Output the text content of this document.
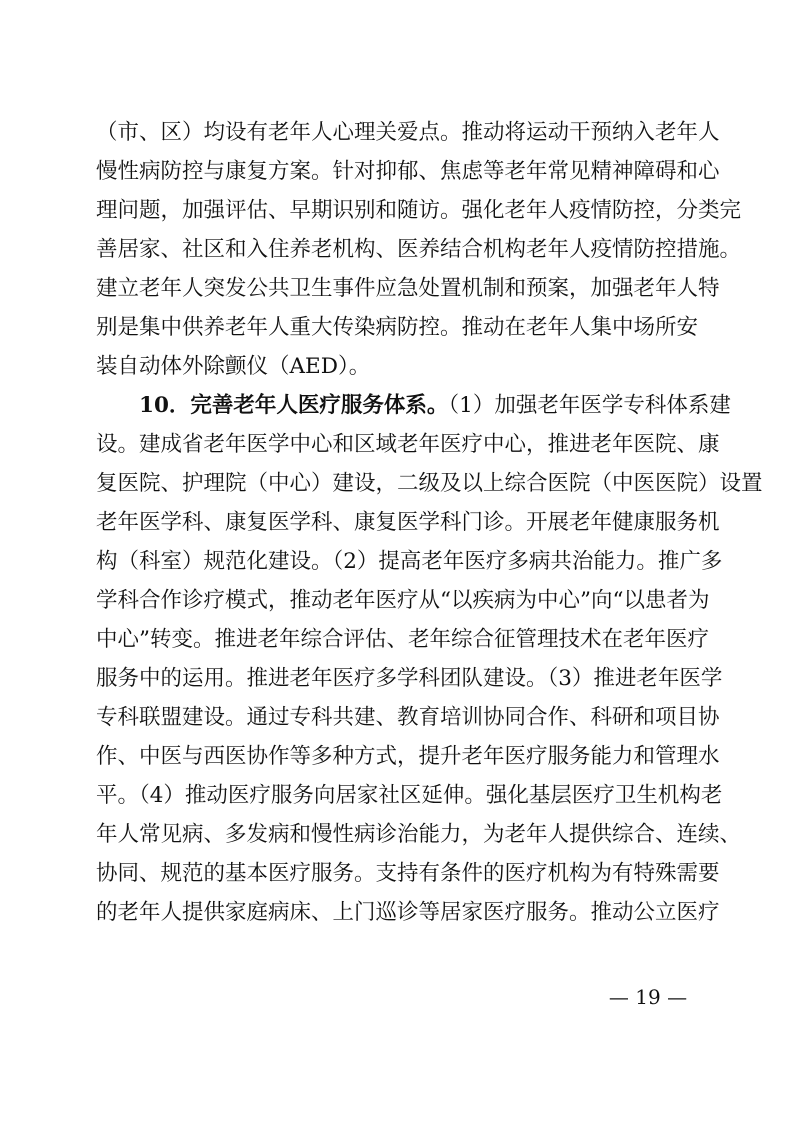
（市、区）均设有老年人心理关爱点。推动将运动干预纳入老年人
慢性病防控与康复方案。针对抑郁、焦虑等老年常见精神障碍和心
理问题，加强评估、早期识别和随访。强化老年人疫情防控，分类完
善居家、社区和入住养老机构、医养结合机构老年人疫情防控措施。
建立老年人突发公共卫生事件应急处置机制和预案，加强老年人特
别是集中供养老年人重大传染病防控。推动在老年人集中场所安
装自动体外除颤仪（AED）。
10．完善老年人医疗服务体系。（1）加强老年医学专科体系建
设。建成省老年医学中心和区域老年医疗中心，推进老年医院、康
复医院、护理院（中心）建设，二级及以上综合医院（中医医院）设置
老年医学科、康复医学科、康复医学科门诊。开展老年健康服务机
构（科室）规范化建设。（2）提高老年医疗多病共治能力。推广多
学科合作诊疗模式，推动老年医疗从“以疾病为中心”向“以患者为
中心”转变。推进老年综合评估、老年综合征管理技术在老年医疗
服务中的运用。推进老年医疗多学科团队建设。（3）推进老年医学
专科联盟建设。通过专科共建、教育培训协同合作、科研和项目协
作、中医与西医协作等多种方式，提升老年医疗服务能力和管理水
平。（4）推动医疗服务向居家社区延伸。强化基层医疗卫生机构老
年人常见病、多发病和慢性病诊治能力，为老年人提供综合、连续、
协同、规范的基本医疗服务。支持有条件的医疗机构为有特殊需要
的老年人提供家庭病床、上门巡诊等居家医疗服务。推动公立医疗
— 19 —
